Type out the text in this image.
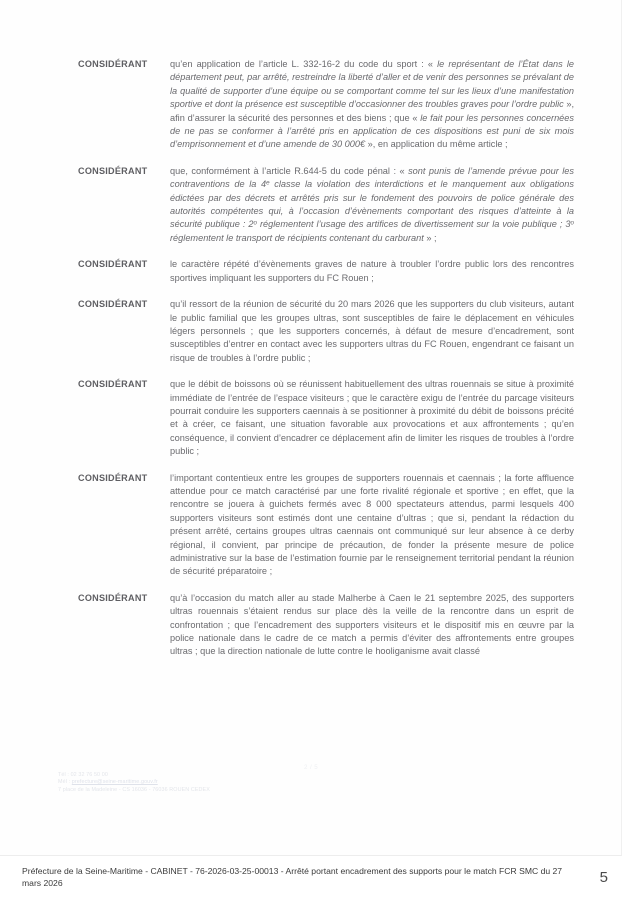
CONSIDÉRANT	qu’en application de l’article L. 332-16-2 du code du sport : « le représentant de l’État dans le département peut, par arrêté, restreindre la liberté d’aller et de venir des personnes se prévalant de la qualité de supporter d’une équipe ou se comportant comme tel sur les lieux d’une manifestation sportive et dont la présence est susceptible d’occasionner des troubles graves pour l’ordre public », afin d’assurer la sécurité des personnes et des biens ; que « le fait pour les personnes concernées de ne pas se conformer à l’arrêté pris en application de ces dispositions est puni de six mois d’emprisonnement et d’une amende de 30 000€ », en application du même article ;
CONSIDÉRANT	que, conformément à l’article R.644-5 du code pénal : « sont punis de l’amende prévue pour les contraventions de la 4e classe la violation des interdictions et le manquement aux obligations édictées par des décrets et arrêtés pris sur le fondement des pouvoirs de police générale des autorités compétentes qui, à l’occasion d’évènements comportant des risques d’atteinte à la sécurité publique : 2$^o$ réglementent l’usage des artifices de divertissement sur la voie publique ; 3$^o$ réglementent le transport de récipients contenant du carburant » ;
CONSIDÉRANT	le caractère répété d’évènements graves de nature à troubler l’ordre public lors des rencontres sportives impliquant les supporters du FC Rouen ;
CONSIDÉRANT	qu’il ressort de la réunion de sécurité du 20 mars 2026 que les supporters du club visiteurs, autant le public familial que les groupes ultras, sont susceptibles de faire le déplacement en véhicules légers personnels ; que les supporters concernés, à défaut de mesure d’encadrement, sont susceptibles d’entrer en contact avec les supporters ultras du FC Rouen, engendrant ce faisant un risque de troubles à l’ordre public ;
CONSIDÉRANT	que le débit de boissons où se réunissent habituellement des ultras rouennais se situe à proximité immédiate de l’entrée de l’espace visiteurs ; que le caractère exigu de l’entrée du parcage visiteurs pourrait conduire les supporters caennais à se positionner à proximité du débit de boissons précité et à créer, ce faisant, une situation favorable aux provocations et aux affrontements ; qu’en conséquence, il convient d’encadrer ce déplacement afin de limiter les risques de troubles à l’ordre public ;
CONSIDÉRANT	l’important contentieux entre les groupes de supporters rouennais et caennais ; la forte affluence attendue pour ce match caractérisé par une forte rivalité régionale et sportive ; en effet, que la rencontre se jouera à guichets fermés avec 8 000 spectateurs attendus, parmi lesquels 400 supporters visiteurs sont estimés dont une centaine d’ultras ; que si, pendant la rédaction du présent arrêté, certains groupes ultras caennais ont communiqué sur leur absence à ce derby régional, il convient, par principe de précaution, de fonder la présente mesure de police administrative sur la base de l’estimation fournie par le renseignement territorial pendant la réunion de sécurité préparatoire ;
CONSIDÉRANT	qu’à l’occasion du match aller au stade Malherbe à Caen le 21 septembre 2025, des supporters ultras rouennais s’étaient rendus sur place dès la veille de la rencontre dans un esprit de confrontation ; que l’encadrement des supporters visiteurs et le dispositif mis en œuvre par la police nationale dans le cadre de ce match a permis d’éviter des affrontements entre groupes ultras ; que la direction nationale de lutte contre le hooliganisme avait classé
2 / 5
Tél : 02 32 76 50 00
Mél : prefecture@seine-maritime.gouv.fr
7 place de la Madeleine - CS 16036 - 76036 ROUEN CEDEX
Préfecture de la Seine-Maritime - CABINET - 76-2026-03-25-00013 - Arrêté portant encadrement des supports pour le match FCR SMC du 27 mars 2026	5
